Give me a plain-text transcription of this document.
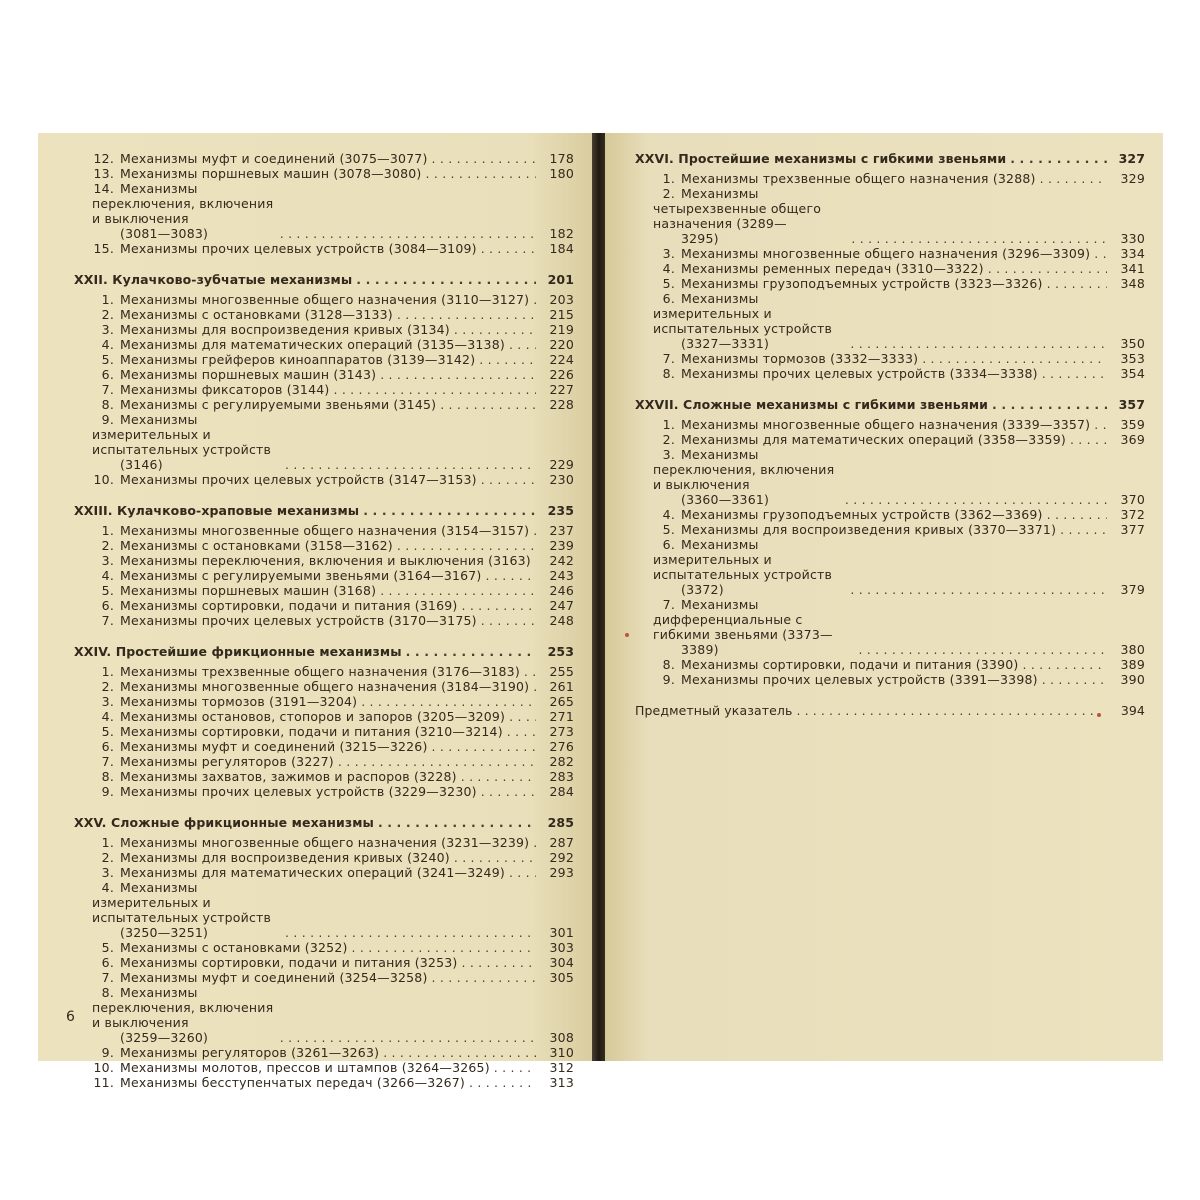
12. Механизмы муфт и соединений (3075—3077) . . .	178
13. Механизмы поршневых машин (3078—3080) . . .	180
14. Механизмы переключения, включения и выключения
(3081—3083) . . .	182
15. Механизмы прочих целевых устройств (3084—3109) . . .	184
XXII. Кулачково-зубчатые механизмы . . .	201
1. Механизмы многозвенные общего назначения (3110—3127) . . .	203
2. Механизмы с остановками (3128—3133) . . .	215
3. Механизмы для воспроизведения кривых (3134) . . .	219
4. Механизмы для математических операций (3135—3138) . . .	220
5. Механизмы грейферов киноаппаратов (3139—3142) . . .	224
6. Механизмы поршневых машин (3143) . . .	226
7. Механизмы фиксаторов (3144) . . .	227
8. Механизмы с регулируемыми звеньями (3145) . . .	228
9. Механизмы измерительных и испытательных устройств
(3146) . . .	229
10. Механизмы прочих целевых устройств (3147—3153) . . .	230
XXIII. Кулачково-храповые механизмы . . .	235
1. Механизмы многозвенные общего назначения (3154—3157) . . .	237
2. Механизмы с остановками (3158—3162) . . .	239
3. Механизмы переключения, включения и выключения (3163) . . .	242
4. Механизмы с регулируемыми звеньями (3164—3167) . . .	243
5. Механизмы поршневых машин (3168) . . .	246
6. Механизмы сортировки, подачи и питания (3169) . . .	247
7. Механизмы прочих целевых устройств (3170—3175) . . .	248
XXIV. Простейшие фрикционные механизмы . . .	253
1. Механизмы трехзвенные общего назначения (3176—3183) . . .	255
2. Механизмы многозвенные общего назначения (3184—3190) . . .	261
3. Механизмы тормозов (3191—3204) . . .	265
4. Механизмы остановов, стопоров и запоров (3205—3209) . . .	271
5. Механизмы сортировки, подачи и питания (3210—3214) . . .	273
6. Механизмы муфт и соединений (3215—3226) . . .	276
7. Механизмы регуляторов (3227) . . .	282
8. Механизмы захватов, зажимов и распоров (3228) . . .	283
9. Механизмы прочих целевых устройств (3229—3230) . . .	284
XXV. Сложные фрикционные механизмы . . .	285
1. Механизмы многозвенные общего назначения (3231—3239) . . .	287
2. Механизмы для воспроизведения кривых (3240) . . .	292
3. Механизмы для математических операций (3241—3249) . . .	293
4. Механизмы измерительных и испытательных устройств
(3250—3251) . . .	301
5. Механизмы с остановками (3252) . . .	303
6. Механизмы сортировки, подачи и питания (3253) . . .	304
7. Механизмы муфт и соединений (3254—3258) . . .	305
8. Механизмы переключения, включения и выключения
(3259—3260) . . .	308
9. Механизмы регуляторов (3261—3263) . . .	310
10. Механизмы молотов, прессов и штампов (3264—3265) . . .	312
11. Механизмы бесступенчатых передач (3266—3267) . . .	313
6
XXVI. Простейшие механизмы с гибкими звеньями . . .	327
1. Механизмы трехзвенные общего назначения (3288) . . .	329
2. Механизмы четырехзвенные общего назначения (3289—
3295) . . .	330
3. Механизмы многозвенные общего назначения (3296—3309) . . .	334
4. Механизмы ременных передач (3310—3322) . . .	341
5. Механизмы грузоподъемных устройств (3323—3326) . . .	348
6. Механизмы измерительных и испытательных устройств
(3327—3331) . . .	350
7. Механизмы тормозов (3332—3333) . . .	353
8. Механизмы прочих целевых устройств (3334—3338) . . .	354
XXVII. Сложные механизмы с гибкими звеньями . . .	357
1. Механизмы многозвенные общего назначения (3339—3357) . . .	359
2. Механизмы для математических операций (3358—3359) . . .	369
3. Механизмы переключения, включения и выключения
(3360—3361) . . .	370
4. Механизмы грузоподъемных устройств (3362—3369) . . .	372
5. Механизмы для воспроизведения кривых (3370—3371) . . .	377
6. Механизмы измерительных и испытательных устройств
(3372) . . .	379
7. Механизмы дифференциальные с гибкими звеньями (3373—
3389) . . .	380
8. Механизмы сортировки, подачи и питания (3390) . . .	389
9. Механизмы прочих целевых устройств (3391—3398) . . .	390
Предметный указатель . . .	394
